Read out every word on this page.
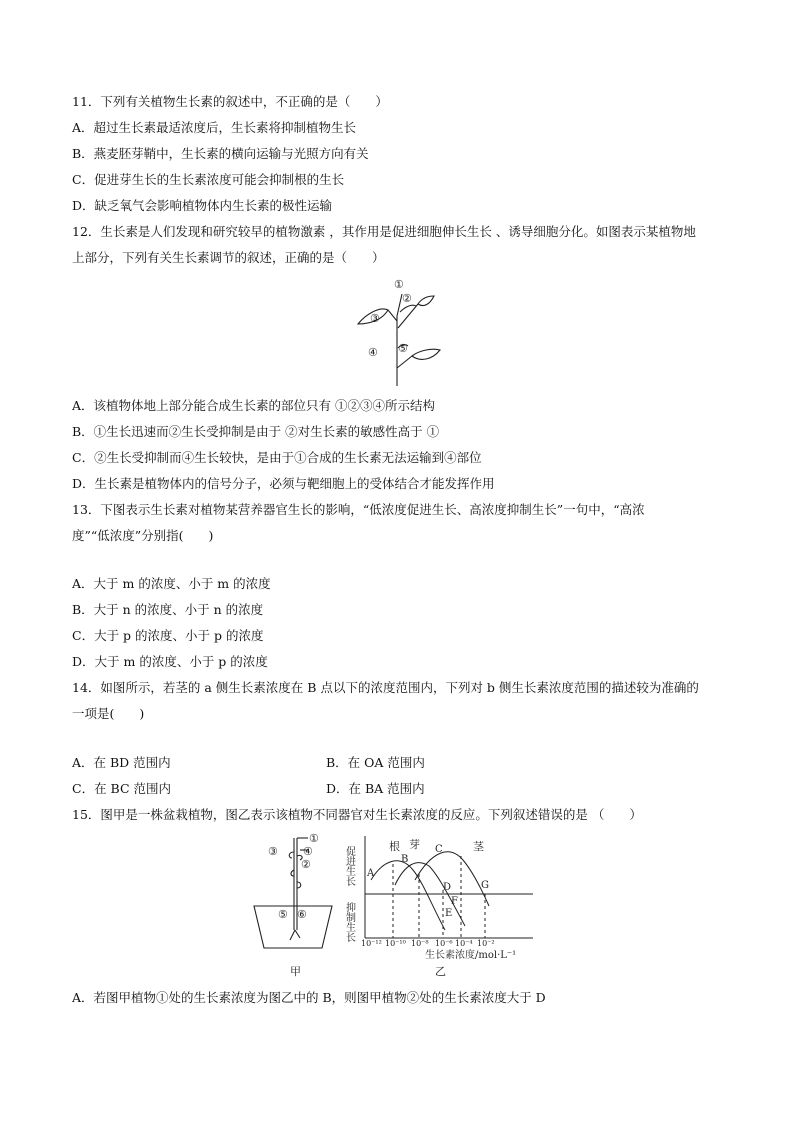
11．下列有关植物生长素的叙述中，不正确的是（　　）
A．超过生长素最适浓度后，生长素将抑制植物生长
B．燕麦胚芽鞘中，生长素的横向运输与光照方向有关
C．促进芽生长的生长素浓度可能会抑制根的生长
D．缺乏氧气会影响植物体内生长素的极性运输
12．生长素是人们发现和研究较早的植物激素 ，其作用是促进细胞伸长生长 、诱导细胞分化。如图表示某植物地
上部分，下列有关生长素调节的叙述，正确的是（　　）
①
②
③
④ ⑤
A．该植物体地上部分能合成生长素的部位只有 ①②③④所示结构
B．①生长迅速而②生长受抑制是由于 ②对生长素的敏感性高于 ①
C．②生长受抑制而④生长较快，是由于①合成的生长素无法运输到④部位
D．生长素是植物体内的信号分子，必须与靶细胞上的受体结合才能发挥作用
13．下图表示生长素对植物某营养器官生长的影响，“低浓度促进生长、高浓度抑制生长”一句中，“高浓
度”“低浓度”分别指(　　)
A．大于 m 的浓度、小于 m 的浓度
B．大于 n 的浓度、小于 n 的浓度
C．大于 p 的浓度、小于 p 的浓度
D．大于 m 的浓度、小于 p 的浓度
14．如图所示，若茎的 a 侧生长素浓度在 B 点以下的浓度范围内，下列对 b 侧生长素浓度范围的描述较为准确的
一项是(　　)
A．在 BD 范围内	B．在 OA 范围内
C．在 BC 范围内	D．在 BA 范围内
15．图甲是一株盆栽植物，图乙表示该植物不同器官对生长素浓度的反应。下列叙述错误的是 （　　）
①
④
②
③
⑤ ⑥
甲
促进生长
抑制生长
根 芽	茎
A
B
C
D
E
F
G
10⁻¹² 10⁻¹⁰ 10⁻⁸ 10⁻⁶ 10⁻⁴ 10⁻²
生长素浓度/mol·L⁻¹
乙
A．若图甲植物①处的生长素浓度为图乙中的 B，则图甲植物②处的生长素浓度大于 D
